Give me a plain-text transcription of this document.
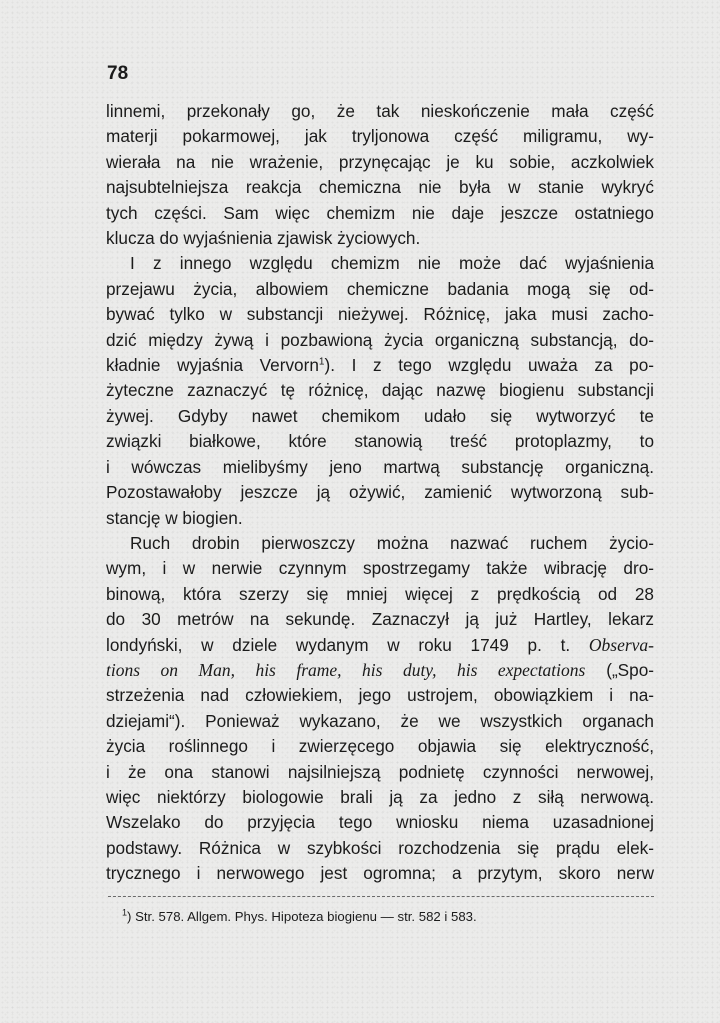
78

linnemi, przekonały go, że tak nieskończenie mała część
materji pokarmowej, jak tryljonowa część miligramu, wy-
wierała na nie wrażenie, przynęcając je ku sobie, aczkolwiek
najsubtelniejsza reakcja chemiczna nie była w stanie wykryć
tych części. Sam więc chemizm nie daje jeszcze ostatniego
klucza do wyjaśnienia zjawisk życiowych.

I z innego względu chemizm nie może dać wyjaśnienia
przejawu życia, albowiem chemiczne badania mogą się od-
bywać tylko w substancji nieżywej. Różnicę, jaka musi zacho-
dzić między żywą i pozbawioną życia organiczną substancją, do-
kładnie wyjaśnia Vervorn$^1$). I z tego względu uważa za po-
żyteczne zaznaczyć tę różnicę, dając nazwę biogienu substancji
żywej. Gdyby nawet chemikom udało się wytworzyć te
związki białkowe, które stanowią treść protoplazmy, to
i wówczas mielibyśmy jeno martwą substancję organiczną.
Pozostawałoby jeszcze ją ożywić, zamienić wytworzoną sub-
stancję w biogien.

Ruch drobin pierwoszczy można nazwać ruchem życio-
wym, i w nerwie czynnym spostrzegamy także wibrację dro-
binową, która szerzy się mniej więcej z prędkością od 28
do 30 metrów na sekundę. Zaznaczył ją już Hartley, lekarz
londyński, w dziele wydanym w roku 1749 p. t. Observa-
tions on Man, his frame, his duty, his expectations („Spo-
strzeżenia nad człowiekiem, jego ustrojem, obowiązkiem i na-
dziejami“). Ponieważ wykazano, że we wszystkich organach
życia roślinnego i zwierzęcego objawia się elektryczność,
i że ona stanowi najsilniejszą podnietę czynności nerwowej,
więc niektórzy biologowie brali ją za jedno z siłą nerwową.
Wszelako do przyjęcia tego wniosku niema uzasadnionej
podstawy. Różnica w szybkości rozchodzenia się prądu elek-
trycznego i nerwowego jest ogromna; a przytym, skoro nerw

$^1$) Str. 578. Allgem. Phys. Hipoteza biogienu — str. 582 i 583.
